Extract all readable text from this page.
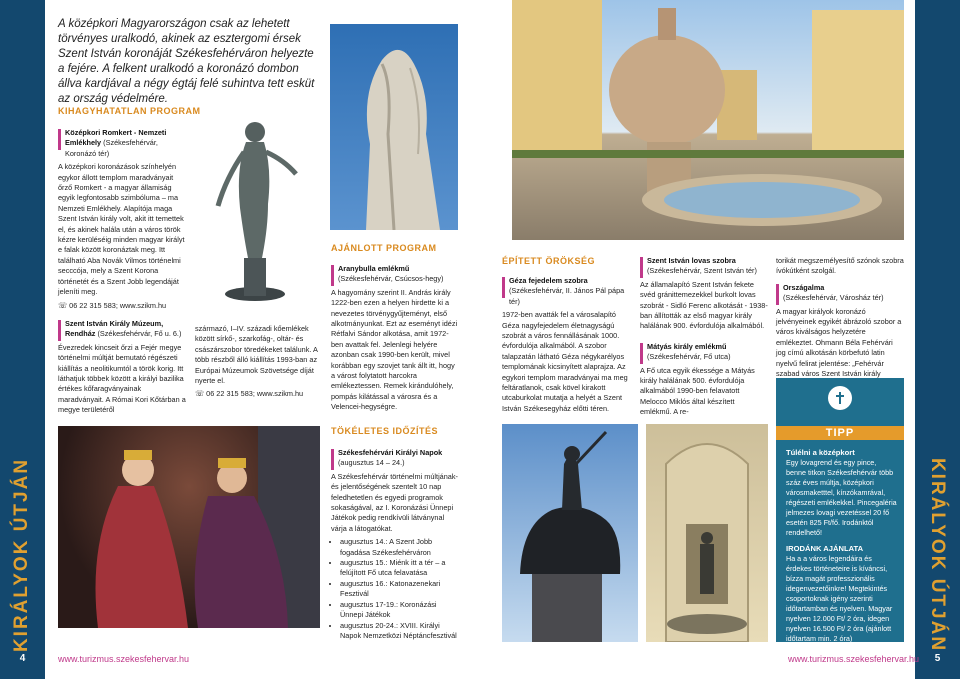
KIRÁLYOK ÚTJÁN
4
KIRÁLYOK ÚTJÁN
5
A középkori Magyarországon csak az lehetett törvényes uralkodó, akinek az esztergomi érsek Szent István koronáját Székesfehérváron helyezte a fejére. A felkent uralkodó a koronázó dombon állva kardjával a négy égtáj felé suhintva tett esküt az ország védelmére.
KIHAGYHATATLAN PROGRAM
Középkori Romkert - Nemzeti Emlékhely (Székesfehérvár, Koronázó tér)

A középkori koronázások színhelyén egykor állott templom maradványait őrző Romkert - a magyar államiság egyik legfontosabb szimbóluma – ma Nemzeti Emlékhely. Alapítója maga Szent István király volt, akit itt temettek el, és akinek halála után a város török kézre kerüléséig minden magyar királyt e falak között koronáztak meg. Itt található Aba Novák Vilmos történelmi secccója, mely a Szent Korona történetét és a Szent Jobb legendáját jeleníti meg.

☏ 06 22 315 583; www.szikm.hu

Szent István Király Múzeum, Rendház (Székesfehérvár, Fő u. 6.)

Évezredek kincseit őrzi a Fejér megye történelmi múltját bemutató régészeti kiállítás a neolitikumtól a török korig. Itt láthatjuk többek között a királyi bazilika értékes kőfaragványainak maradványait. A Római Kori Kőtárban a megye területéről

származó, I–IV. századi kőemlékek között sírkő-, szarkofág-, oltár- és császárszobor töredékeket találunk. A több részből álló kiállítás 1993-ban az Európai Múzeumok Szövetsége díját nyerte el.

☏ 06 22 315 583; www.szikm.hu

AJÁNLOTT PROGRAM
Aranybulla emlékmű
(Székesfehérvár, Csúcsos-hegy)

A hagyomány szerint II. András király 1222-ben ezen a helyen hirdette ki a nevezetes törvénygyűjteményt, első alkotmányunkat. Ezt az eseményt idézi Rétfalvi Sándor alkotása, amit 1972-ben avattak fel. Jelenlegi helyére azonban csak 1990-ben került, mivel korábban egy szovjet tank állt itt, hogy a várost folytatott harcokra emlékeztessen. Remek kirándulóhely, pompás kilátással a városra és a Velencei-hegységre.

TÖKÉLETES IDŐZÍTÉS
Székesfehérvári Királyi Napok
(augusztus 14 – 24.)

A Székesfehérvár történelmi múltjának- és jelentőségének szentelt 10 nap feledhetetlen és egyedi programok sokaságával, az I. Koronázási Ünnepi Játékok pedig rendkívüli látványnal várja a látogatókat.

• augusztus 14.: A Szent Jobb fogadása Székesfehérváron
• augusztus 15.: Miénk itt a tér – a felújított Fő utca felavatása
• augusztus 16.: Katonazenekari Fesztivál
• augusztus 17-19.: Koronázási Ünnepi Játékok
• augusztus 20-24.: XVIII. Királyi Napok Nemzetközi Néptáncfesztivál
ÉPÍTETT ÖRÖKSÉG
Géza fejedelem szobra
(Székesfehérvár, II. János Pál pápa tér)

1972-ben avatták fel a városalapító Géza nagyfejedelem életnagyságú szobrát a város fennállásának 1000. évfordulója alkalmából. A szobor talapzatán látható Géza négykarélyos templomának kicsinyített alaprajza. Az egykori templom maradványai ma meg feltáratlanok, csak kövel kirakott utcaburkolat mutatja a helyét a Szent István Székesegyház előtti téren.

Szent István lovas szobra
(Székesfehérvár, Szent István tér)

Az államalapító Szent István fekete svéd gránittemezekkel burkolt lovas szobrát - Sidló Ferenc alkotását - 1938-ban állították az első magyar király halálának 900. évfordulója alkalmából.

Mátyás király emlékmű
(Székesfehérvár, Fő utca)

A Fő utca egyik ékessége a Mátyás király halálának 500. évfordulója alkalmából 1990-ben felavatott Melocco Miklós által készített emlékmű. A re-

torikát megszemélyesítő szónok szobra ívókútként szolgál.

Országalma
(Székesfehérvár, Városház tér)

A magyar királyok koronázó jelvényeinek egyikét ábrázoló szobor a város kiválságos helyzetére emlékeztet. Ohmann Béla Fehérvári jog címú alkotásán körbefutó latin nyelvű felirat jelentése: „Fehérvár szabad város Szent István király

TIPP
Túlélni a középkort
Egy lovagrend és egy pince, benne titkon Székesfehérvár több száz éves múltja, középkori városmaketttel, kínzókamrával, régészeti emlékekkel. Pincegaléria jelmezes lovagi vezetéssel 20 fő esetén 825 Ft/fő. Irodánktól rendelhető!
IRODÁNK AJÁNLATA
Ha a a város legendáira és érdekes történeteire is kíváncsi, bízza magát professzionális idegenvezetőinkre! Megtekintés csoportoknak igény szerinti időtartamban és nyelven. Magyar nyelven 12.000 Ft/ 2 óra, idegen nyelven 16.500 Ft/ 2 óra (ajánlott időtartam min. 2 óra)
www.turizmus.szekesfehervar.hu	www.turizmus.szekesfehervar.hu
